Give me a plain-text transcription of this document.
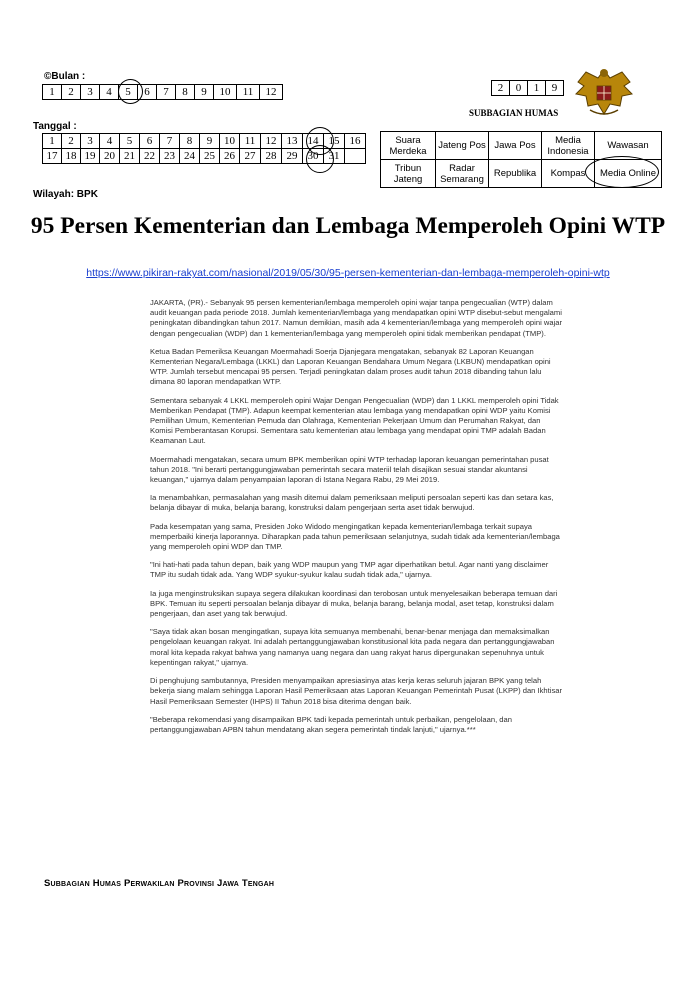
©Bulan :
1	2	3	4	5	6	7	8	9	10	11	12
Tanggal :
1	2	3	4	5	6	7	8	9	10	11	12	13	14	15	16
17	18	19	20	21	22	23	24	25	26	27	28	29	30	31	
Wilayah: BPK
2	0	1	9
SUBBAGIAN HUMAS
Suara Merdeka	Jateng Pos	Jawa Pos	Media Indonesia	Wawasan
Tribun Jateng	Radar Semarang	Republika	Kompas	Media Online
95 Persen Kementerian dan Lembaga Memperoleh Opini WTP
https://www.pikiran-rakyat.com/nasional/2019/05/30/95-persen-kementerian-dan-lembaga-memperoleh-opini-wtp

JAKARTA, (PR).- Sebanyak 95 persen kementerian/lembaga memperoleh opini wajar tanpa pengecualian (WTP) dalam audit keuangan pada periode 2018. Jumlah kementerian/lembaga yang mendapatkan opini WTP disebut-sebut mengalami peningkatan dibandingkan tahun 2017. Namun demikian, masih ada 4 kementerian/lembaga yang memperoleh opini wajar dengan pengecualian (WDP) dan 1 kementerian/lembaga yang memperoleh opini tidak memberikan pendapat (TMP).

Ketua Badan Pemeriksa Keuangan Moermahadi Soerja Djanjegara mengatakan, sebanyak 82 Laporan Keuangan Kementerian Negara/Lembaga (LKKL) dan Laporan Keuangan Bendahara Umum Negara (LKBUN) mendapatkan opini WTP. Jumlah tersebut mencapai 95 persen. Terjadi peningkatan dalam proses audit tahun 2018 dibanding tahun lalu dimana 80 laporan mendapatkan WTP.

Sementara sebanyak 4 LKKL memperoleh opini Wajar Dengan Pengecualian (WDP) dan 1 LKKL memperoleh opini Tidak Memberikan Pendapat (TMP). Adapun keempat kementerian atau lembaga yang mendapatkan opini WDP yaitu Komisi Pemilihan Umum, Kementerian Pemuda dan Olahraga, Kementerian Pekerjaan Umum dan Perumahan Rakyat, dan Komisi Pemberantasan Korupsi. Sementara satu kementerian atau lembaga yang mendapat opini TMP adalah Badan Keamanan Laut.

Moermahadi mengatakan, secara umum BPK memberikan opini WTP terhadap laporan keuangan pemerintahan pusat tahun 2018. "Ini berarti pertanggungjawaban pemerintah secara materiil telah disajikan sesuai standar akuntansi keuangan," ujarnya dalam penyampaian laporan di Istana Negara Rabu, 29 Mei 2019.

Ia menambahkan, permasalahan yang masih ditemui dalam pemeriksaan meliputi persoalan seperti kas dan setara kas, belanja dibayar di muka, belanja barang, konstruksi dalam pengerjaan serta aset tidak berwujud.

Pada kesempatan yang sama, Presiden Joko Widodo mengingatkan kepada kementerian/lembaga terkait supaya memperbaiki kinerja laporannya. Diharapkan pada tahun pemeriksaan selanjutnya, sudah tidak ada kementerian/lembaga yang memperoleh opini WDP dan TMP.

"Ini hati-hati pada tahun depan, baik yang WDP maupun yang TMP agar diperhatikan betul. Agar nanti yang disclaimer TMP itu sudah tidak ada. Yang WDP syukur-syukur kalau sudah tidak ada," ujarnya.

Ia juga menginstruksikan supaya segera dilakukan koordinasi dan terobosan untuk menyelesaikan beberapa temuan dari BPK. Temuan itu seperti persoalan belanja dibayar di muka, belanja barang, belanja modal, aset tetap, konstruksi dalam pengerjaan, dan aset yang tak berwujud.

"Saya tidak akan bosan mengingatkan, supaya kita semuanya membenahi, benar-benar menjaga dan memaksimalkan pengelolaan keuangan rakyat. Ini adalah pertanggungjawaban konstitusional kita pada negara dan pertanggungjawaban moral kita kepada rakyat bahwa yang namanya uang negara dan uang rakyat harus dipergunakan sepenuhnya untuk kepentingan rakyat," ujarnya.

Di penghujung sambutannya, Presiden menyampaikan apresiasinya atas kerja keras seluruh jajaran BPK yang telah bekerja siang malam sehingga Laporan Hasil Pemeriksaan atas Laporan Keuangan Pemerintah Pusat (LKPP) dan Ikhtisar Hasil Pemeriksaan Semester (IHPS) II Tahun 2018 bisa diterima dengan baik.

"Beberapa rekomendasi yang disampaikan BPK tadi kepada pemerintah untuk perbaikan, pengelolaan, dan pertanggungjawaban APBN tahun mendatang akan segera pemerintah tindak lanjuti," ujarnya.***

Subbagian Humas Perwakilan Provinsi Jawa Tengah
